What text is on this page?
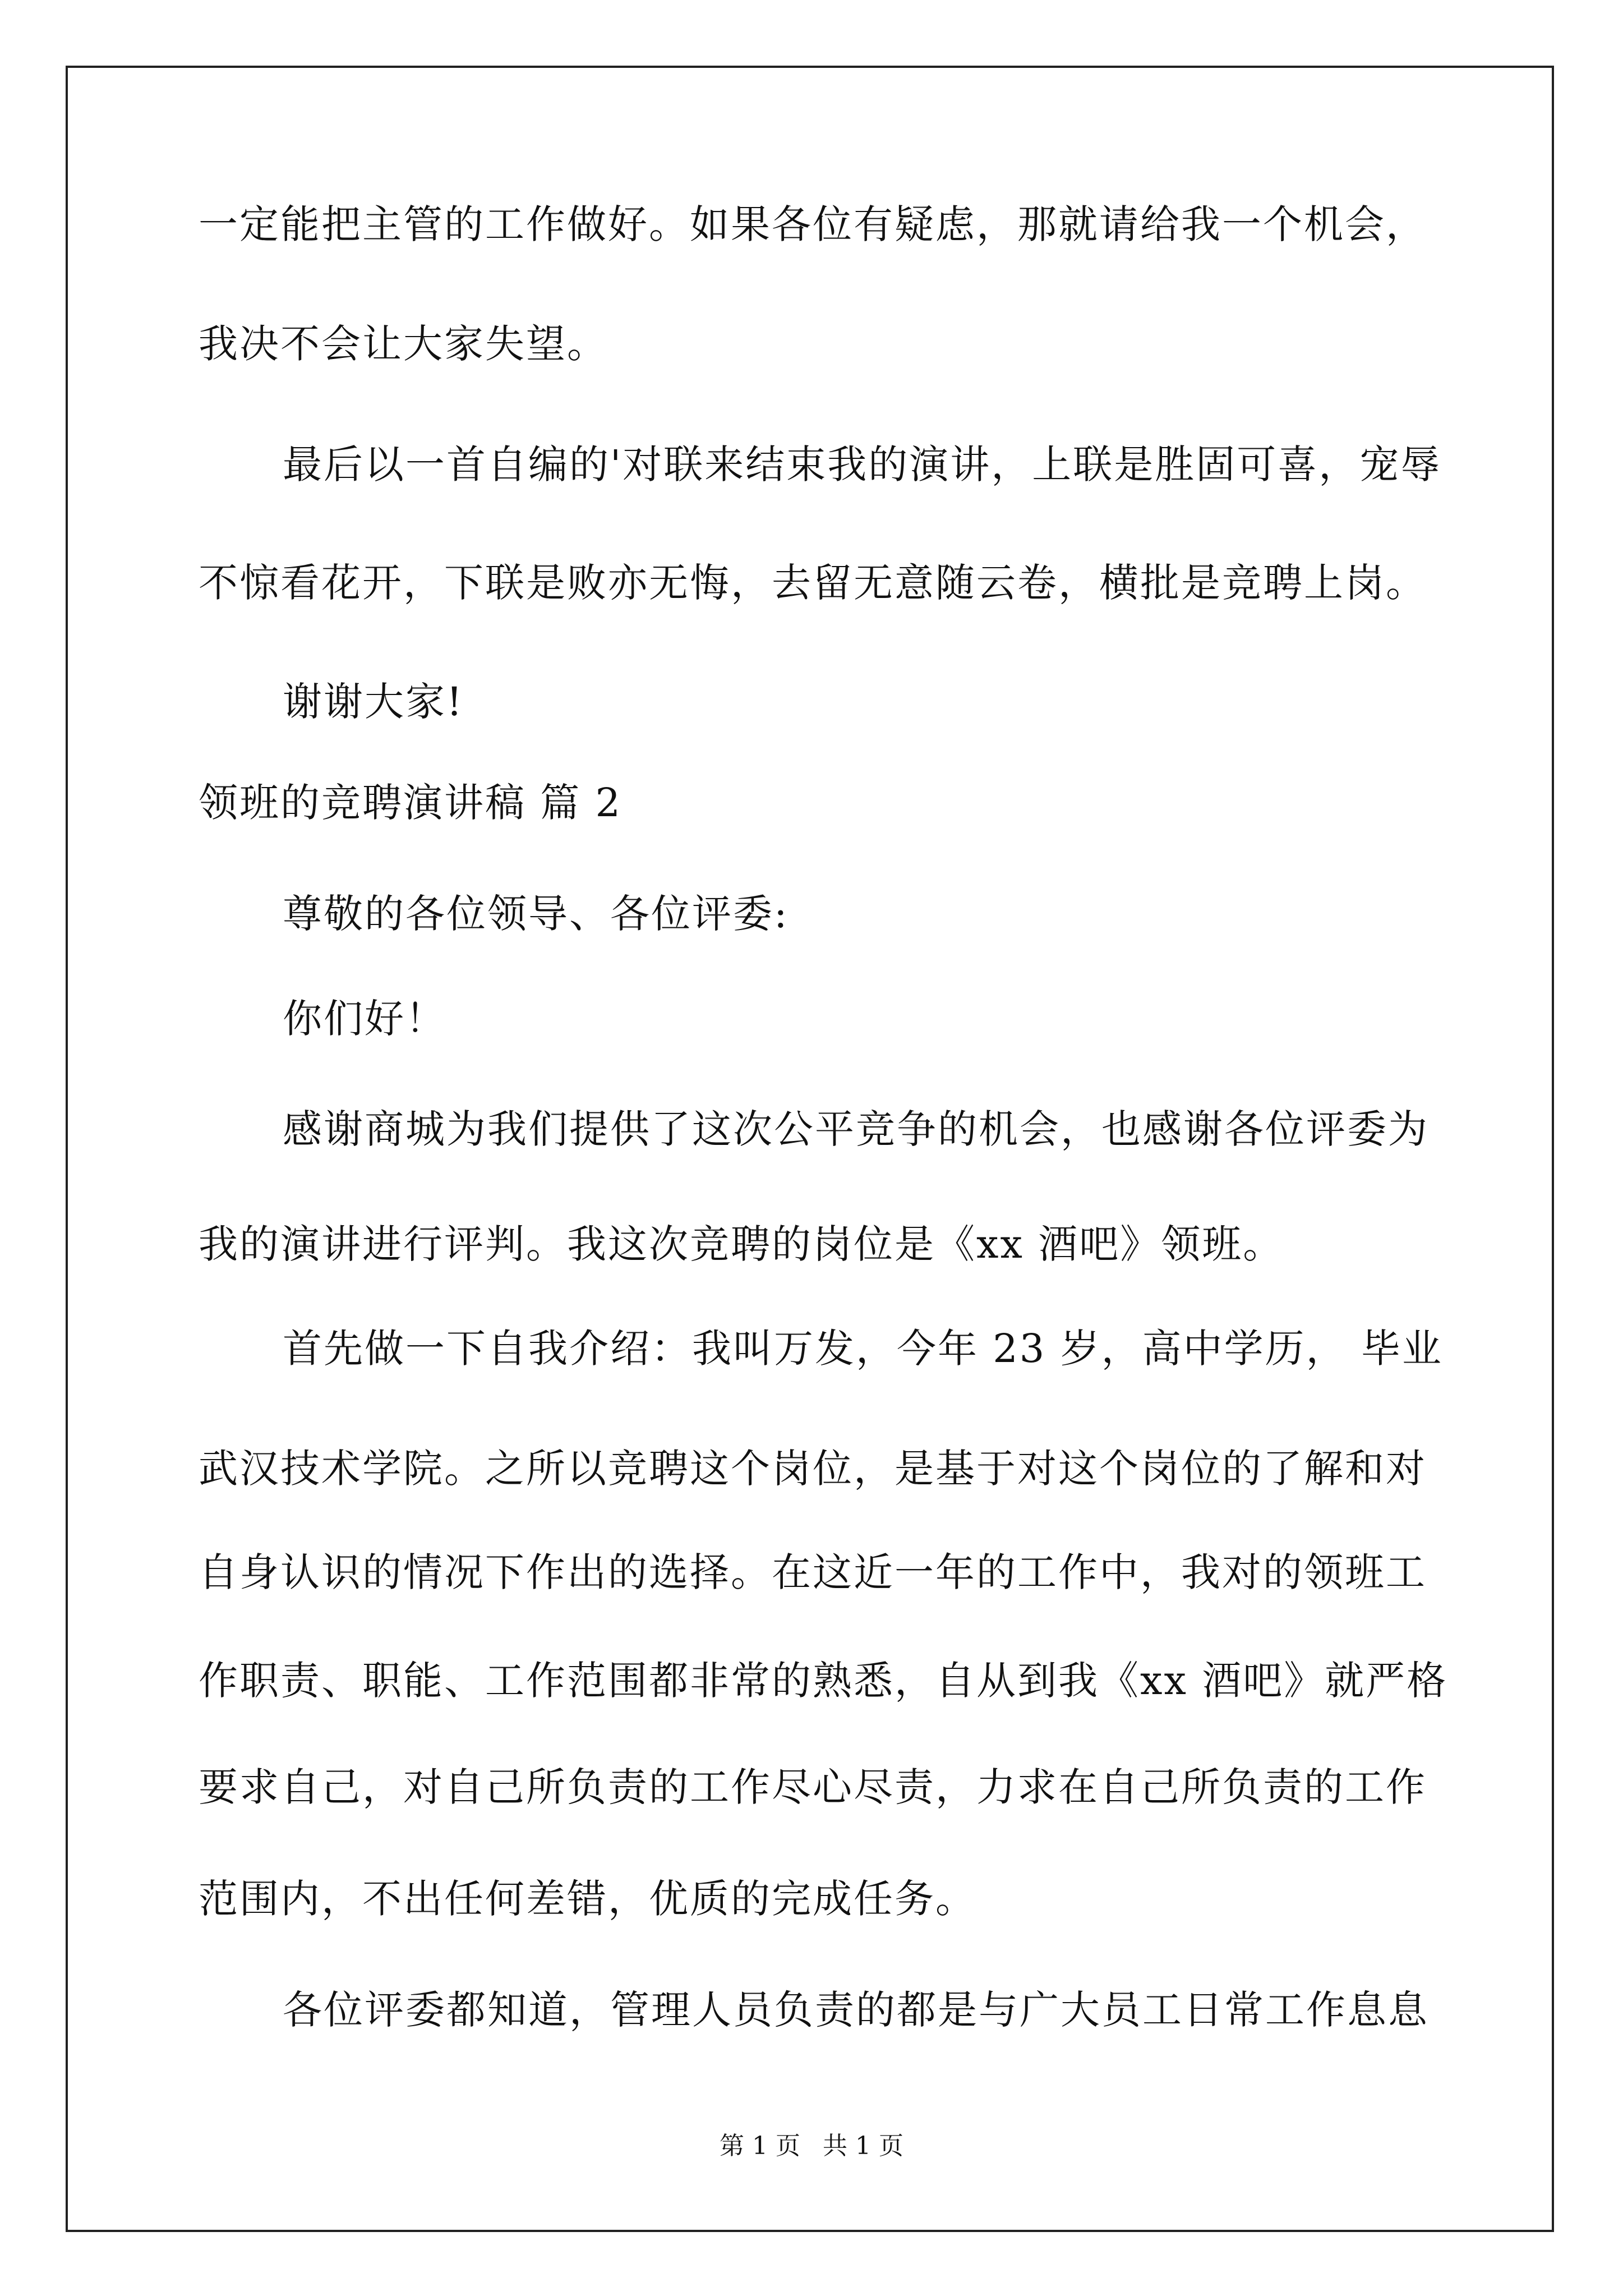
一定能把主管的工作做好。如果各位有疑虑，那就请给我一个机会，
我决不会让大家失望。
最后以一首自编的'对联来结束我的演讲，上联是胜固可喜，宠辱
不惊看花开，下联是败亦无悔，去留无意随云卷，横批是竞聘上岗。
谢谢大家!
领班的竞聘演讲稿 篇 2
尊敬的各位领导、各位评委:
你们好！
感谢商城为我们提供了这次公平竞争的机会，也感谢各位评委为
我的演讲进行评判。我这次竞聘的岗位是《xx 酒吧》领班。
首先做一下自我介绍：我叫万发，今年 23 岁，高中学历， 毕业
武汉技术学院。之所以竞聘这个岗位，是基于对这个岗位的了解和对
自身认识的情况下作出的选择。在这近一年的工作中，我对的领班工
作职责、职能、工作范围都非常的熟悉，自从到我《xx 酒吧》就严格
要求自己，对自己所负责的工作尽心尽责，力求在自己所负责的工作
范围内，不出任何差错，优质的完成任务。
各位评委都知道，管理人员负责的都是与广大员工日常工作息息
第 1 页 共 1 页
